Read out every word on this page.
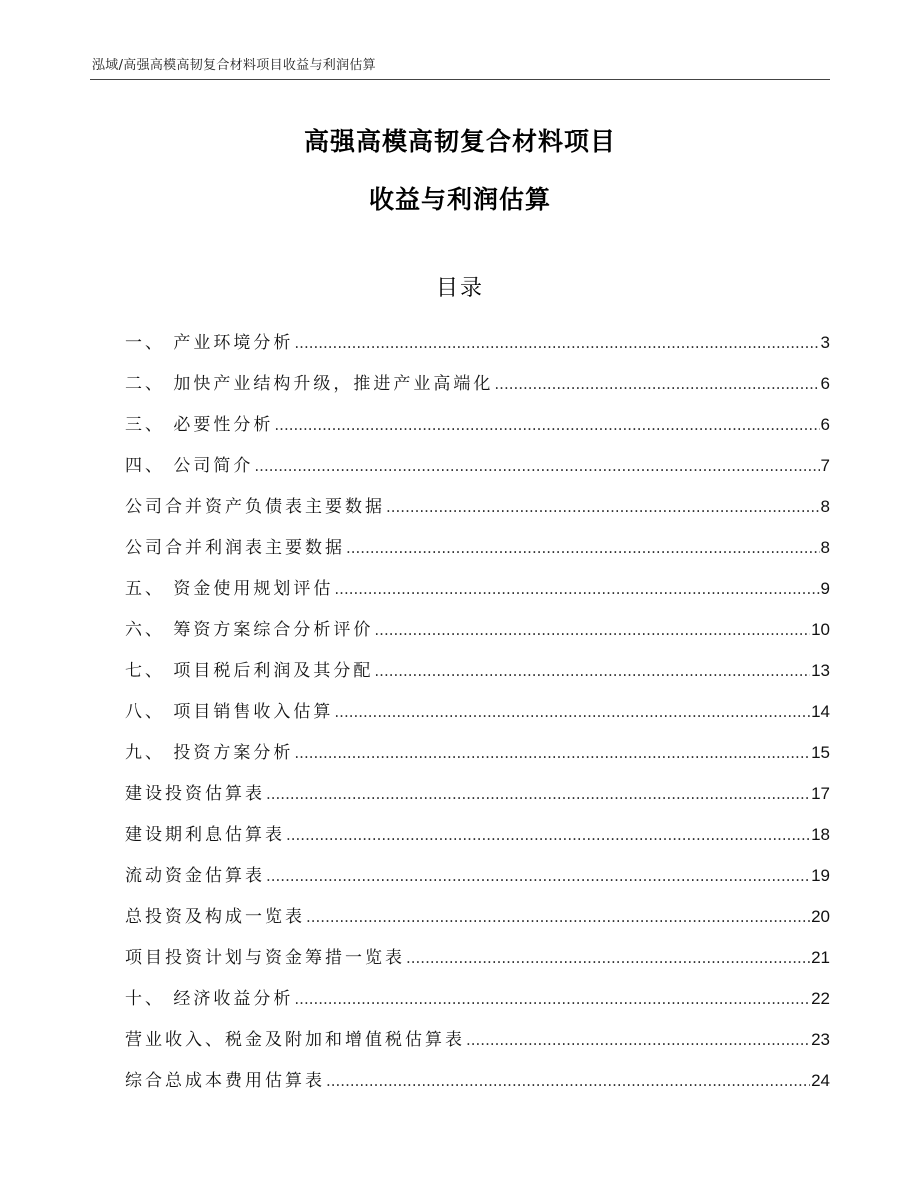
泓域/高强高模高韧复合材料项目收益与利润估算
高强高模高韧复合材料项目
收益与利润估算
目录
一、 产业环境分析 .....	3
二、 加快产业结构升级，推进产业高端化 .....	6
三、 必要性分析 .....	6
四、 公司简介 .....	7
公司合并资产负债表主要数据 .....	8
公司合并利润表主要数据 .....	8
五、 资金使用规划评估 .....	9
六、 筹资方案综合分析评价 .....	10
七、 项目税后利润及其分配 .....	13
八、 项目销售收入估算 .....	14
九、 投资方案分析 .....	15
建设投资估算表 .....	17
建设期利息估算表 .....	18
流动资金估算表 .....	19
总投资及构成一览表 .....	20
项目投资计划与资金筹措一览表 .....	21
十、 经济收益分析 .....	22
营业收入、税金及附加和增值税估算表 .....	23
综合总成本费用估算表 .....	24
